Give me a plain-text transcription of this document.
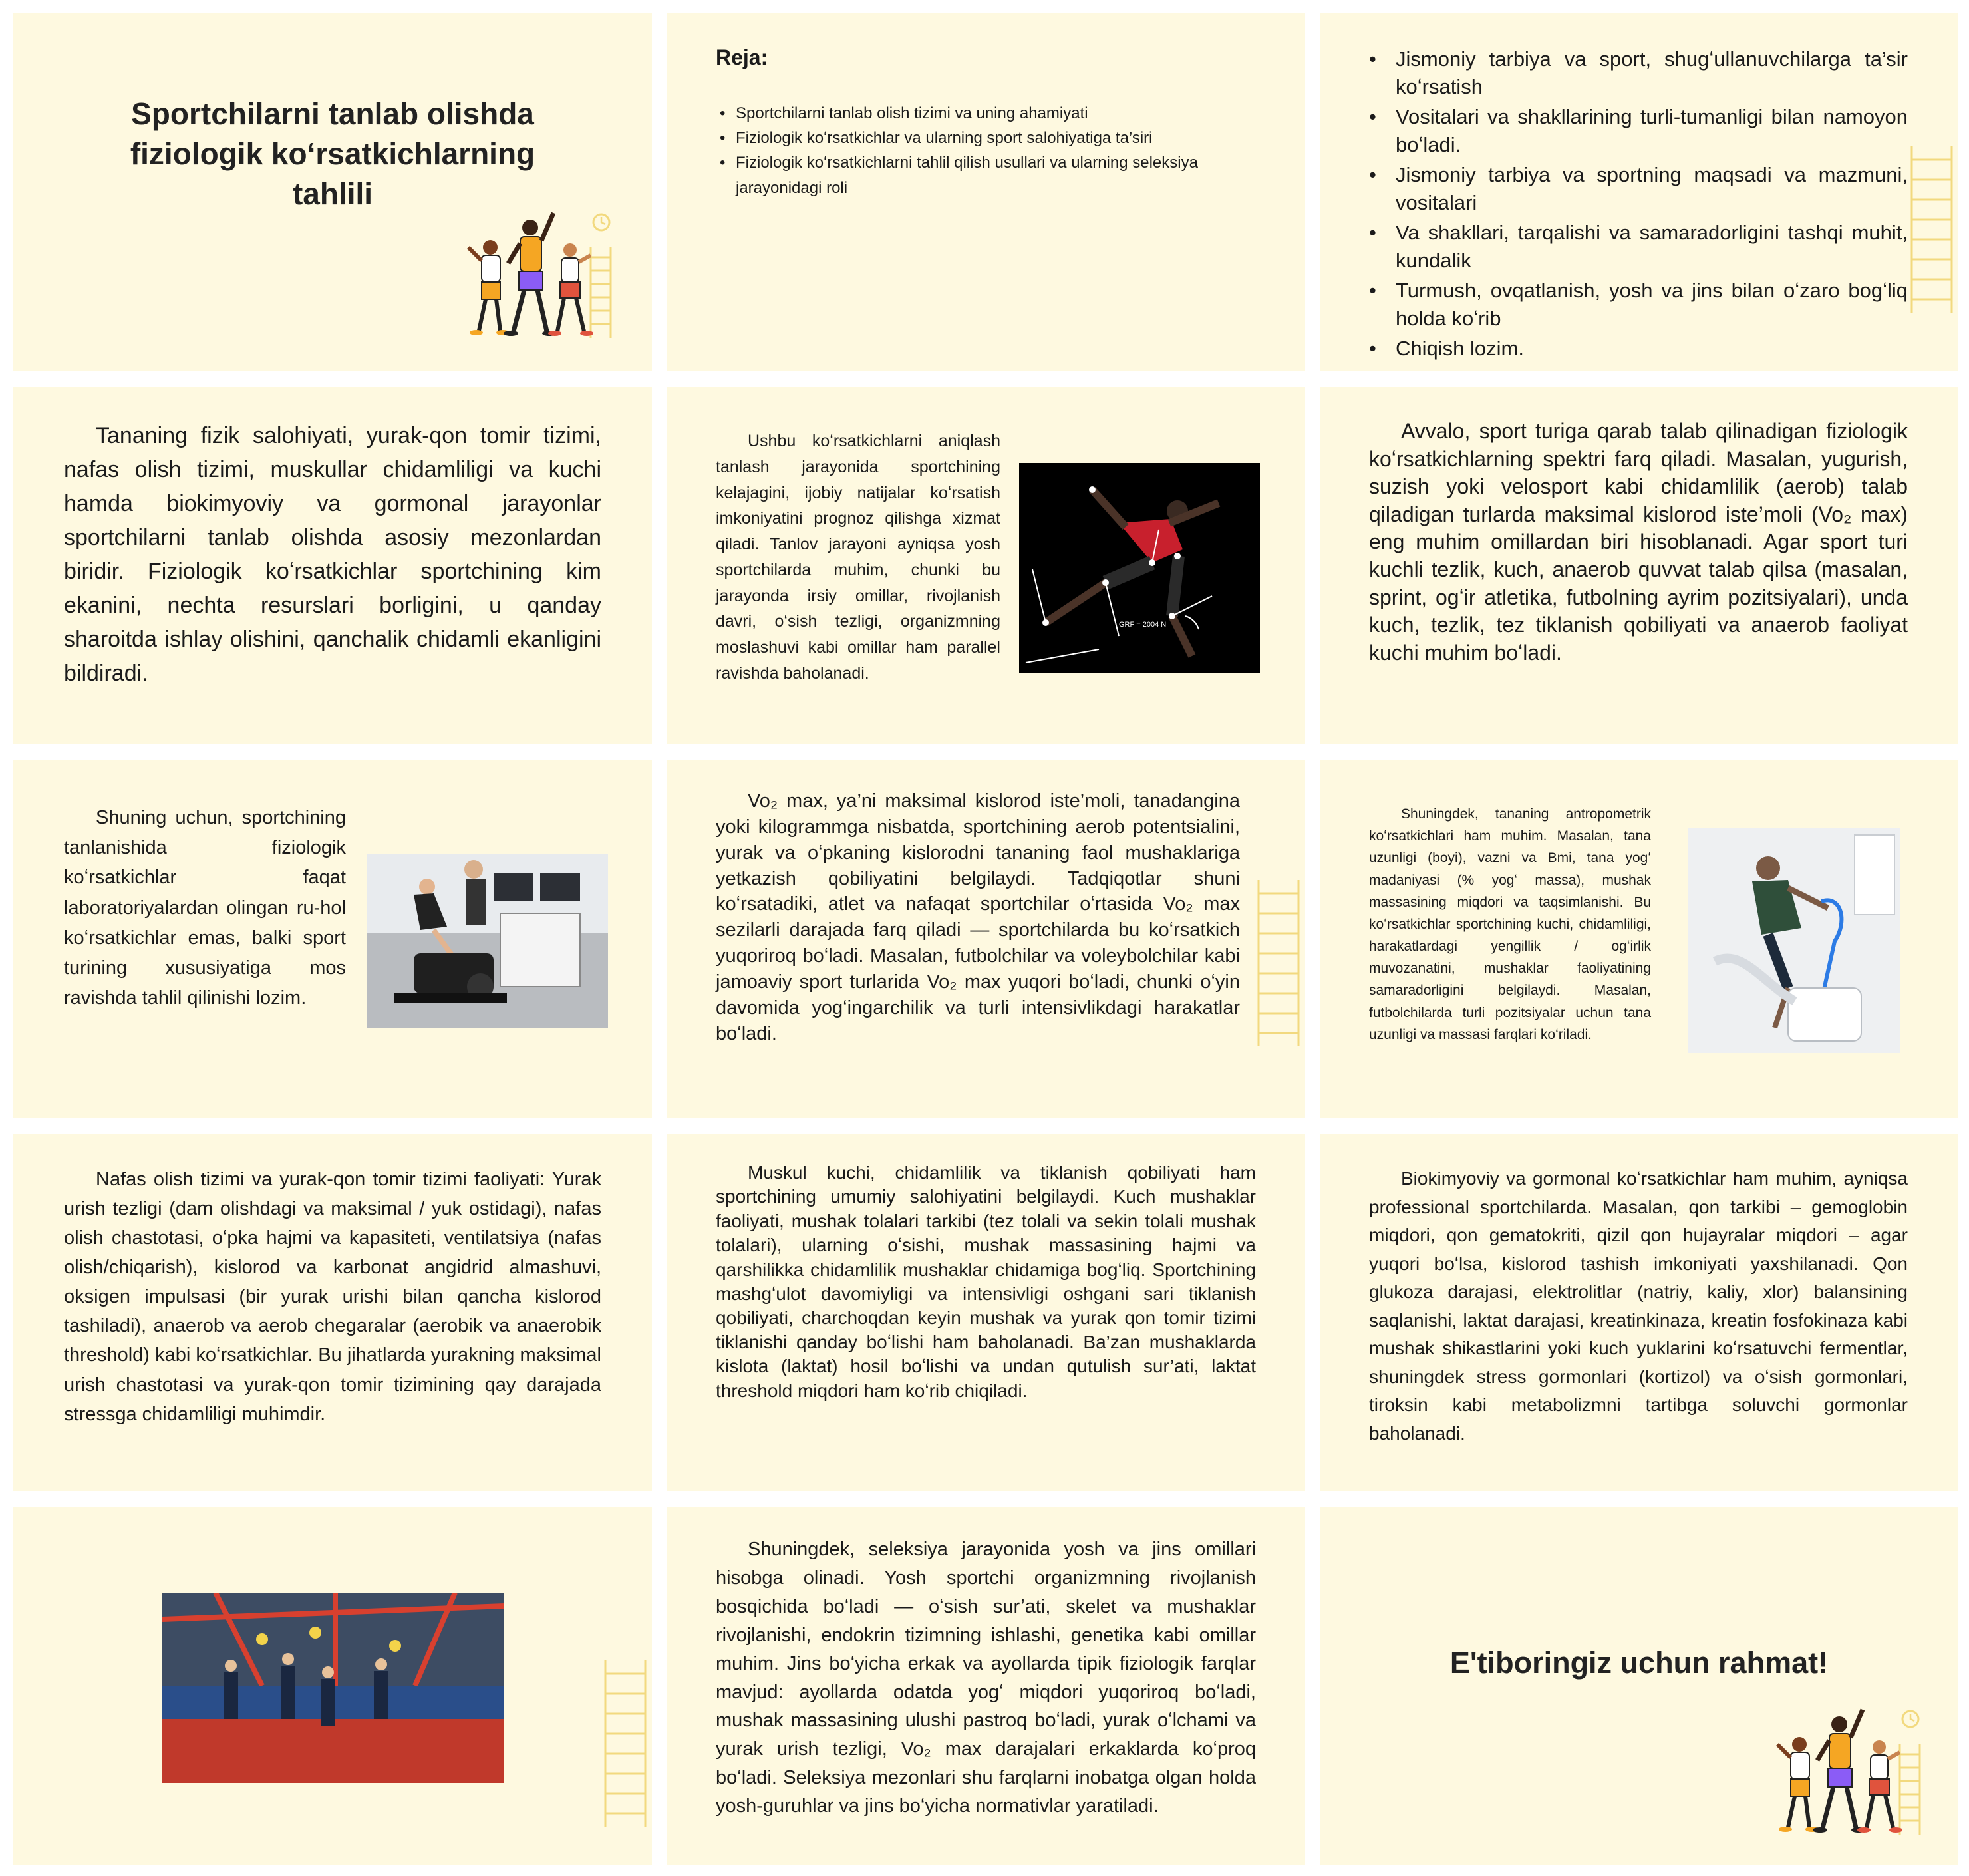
Sportchilarni tanlab olishda fiziologik koʻrsatkichlarning tahlili
Reja:
• Sportchilarni tanlab olish tizimi va uning ahamiyati
• Fiziologik koʻrsatkichlar va ularning sport salohiyatiga ta’siri
• Fiziologik koʻrsatkichlarni tahlil qilish usullari va ularning seleksiya jarayonidagi roli
• Jismoniy tarbiya va sport, shugʻullanuvchilarga ta’sir koʻrsatish
• Vositalari va shakllarining turli-tumanligi bilan namoyon boʻladi.
• Jismoniy tarbiya va sportning maqsadi va mazmuni, vositalari
• Va shakllari, tarqalishi va samaradorligini tashqi muhit, kundalik
• Turmush, ovqatlanish, yosh va jins bilan oʻzaro bogʻliq holda koʻrib
• Chiqish lozim.

Tananing fizik salohiyati, yurak-qon tomir tizimi, nafas olish tizimi, muskullar chidamliligi va kuchi hamda biokimyoviy va gormonal jarayonlar sportchilarni tanlab olishda asosiy mezonlardan biridir. Fiziologik koʻrsatkichlar sportchining kim ekanini, nechta resurslari borligini, u qanday sharoitda ishlay olishini, qanchalik chidamli ekanligini bildiradi.

Ushbu koʻrsatkichlarni aniqlash tanlash jarayonida sportchining kelajagini, ijobiy natijalar koʻrsatish imkoniyatini prognoz qilishga xizmat qiladi. Tanlov jarayoni ayniqsa yosh sportchilarda muhim, chunki bu jarayonda irsiy omillar, rivojlanish davri, oʻsish tezligi, organizmning moslashuvi kabi omillar ham parallel ravishda baholanadi.

GRF = 2004 N

Avvalo, sport turiga qarab talab qilinadigan fiziologik koʻrsatkichlarning spektri farq qiladi. Masalan, yugurish, suzish yoki velosport kabi chidamlilik (aerob) talab qiladigan turlarda maksimal kislorod iste’moli (Vo₂ max) eng muhim omillardan biri hisoblanadi. Agar sport turi kuchli tezlik, kuch, anaerob quvvat talab qilsa (masalan, sprint, ogʻir atletika, futbolning ayrim pozitsiyalari), unda kuch, tezlik, tez tiklanish qobiliyati va anaerob faoliyat kuchi muhim boʻladi.

Shuning uchun, sportchining tanlanishida fiziologik koʻrsatkichlar faqat laboratoriyalardan olingan ru-hol koʻrsatkichlar emas, balki sport turining xususiyatiga mos ravishda tahlil qilinishi lozim.

Vo₂ max, ya’ni maksimal kislorod iste’moli, tanadangina yoki kilogrammga nisbatda, sportchining aerob potentsialini, yurak va oʻpkaning kislorodni tananing faol mushaklariga yetkazish qobiliyatini belgilaydi. Tadqiqotlar shuni koʻrsatadiki, atlet va nafaqat sportchilar oʻrtasida Vo₂ max sezilarli darajada farq qiladi — sportchilarda bu koʻrsatkich yuqoriroq boʻladi. Masalan, futbolchilar va voleybolchilar kabi jamoaviy sport turlarida Vo₂ max yuqori boʻladi, chunki oʻyin davomida yogʻingarchilik va turli intensivlikdagi harakatlar boʻladi.

Shuningdek, tananing antropometrik koʻrsatkichlari ham muhim. Masalan, tana uzunligi (boyi), vazni va Bmi, tana yogʻ madaniyasi (% yogʻ massa), mushak massasining miqdori va taqsimlanishi. Bu koʻrsatkichlar sportchining kuchi, chidamliligi, harakatlardagi yengillik / ogʻirlik muvozanatini, mushaklar faoliyatining samaradorligini belgilaydi. Masalan, futbolchilarda turli pozitsiyalar uchun tana uzunligi va massasi farqlari koʻriladi.

Nafas olish tizimi va yurak-qon tomir tizimi faoliyati: Yurak urish tezligi (dam olishdagi va maksimal / yuk ostidagi), nafas olish chastotasi, oʻpka hajmi va kapasiteti, ventilatsiya (nafas olish/chiqarish), kislorod va karbonat angidrid almashuvi, oksigen impulsasi (bir yurak urishi bilan qancha kislorod tashiladi), anaerob va aerob chegaralar (aerobik va anaerobik threshold) kabi koʻrsatkichlar. Bu jihatlarda yurakning maksimal urish chastotasi va yurak-qon tomir tizimining qay darajada stressga chidamliligi muhimdir.

Muskul kuchi, chidamlilik va tiklanish qobiliyati ham sportchining umumiy salohiyatini belgilaydi. Kuch mushaklar faoliyati, mushak tolalari tarkibi (tez tolali va sekin tolali mushak tolalari), ularning oʻsishi, mushak massasining hajmi va qarshilikka chidamlilik mushaklar chidamiga bogʻliq. Sportchining mashgʻulot davomiyligi va intensivligi oshgani sari tiklanish qobiliyati, charchoqdan keyin mushak va yurak qon tomir tizimi tiklanishi qanday boʻlishi ham baholanadi. Ba’zan mushaklarda kislota (laktat) hosil boʻlishi va undan qutulish sur’ati, laktat threshold miqdori ham koʻrib chiqiladi.

Biokimyoviy va gormonal koʻrsatkichlar ham muhim, ayniqsa professional sportchilarda. Masalan, qon tarkibi – gemoglobin miqdori, qon gematokriti, qizil qon hujayralar miqdori – agar yuqori boʻlsa, kislorod tashish imkoniyati yaxshilanadi. Qon glukoza darajasi, elektrolitlar (natriy, kaliy, xlor) balansining saqlanishi, laktat darajasi, kreatinkinaza, kreatin fosfokinaza kabi mushak shikastlarini yoki kuch yuklarini koʻrsatuvchi fermentlar, shuningdek stress gormonlari (kortizol) va oʻsish gormonlari, tiroksin kabi metabolizmni tartibga soluvchi gormonlar baholanadi.

Shuningdek, seleksiya jarayonida yosh va jins omillari hisobga olinadi. Yosh sportchi organizmning rivojlanish bosqichida boʻladi — oʻsish sur’ati, skelet va mushaklar rivojlanishi, endokrin tizimning ishlashi, genetika kabi omillar muhim. Jins boʻyicha erkak va ayollarda tipik fiziologik farqlar mavjud: ayollarda odatda yogʻ miqdori yuqoriroq boʻladi, mushak massasining ulushi pastroq boʻladi, yurak oʻlchami va yurak urish tezligi, Vo₂ max darajalari erkaklarda koʻproq boʻladi. Seleksiya mezonlari shu farqlarni inobatga olgan holda yosh-guruhlar va jins boʻyicha normativlar yaratiladi.

E'tiboringiz uchun rahmat!
